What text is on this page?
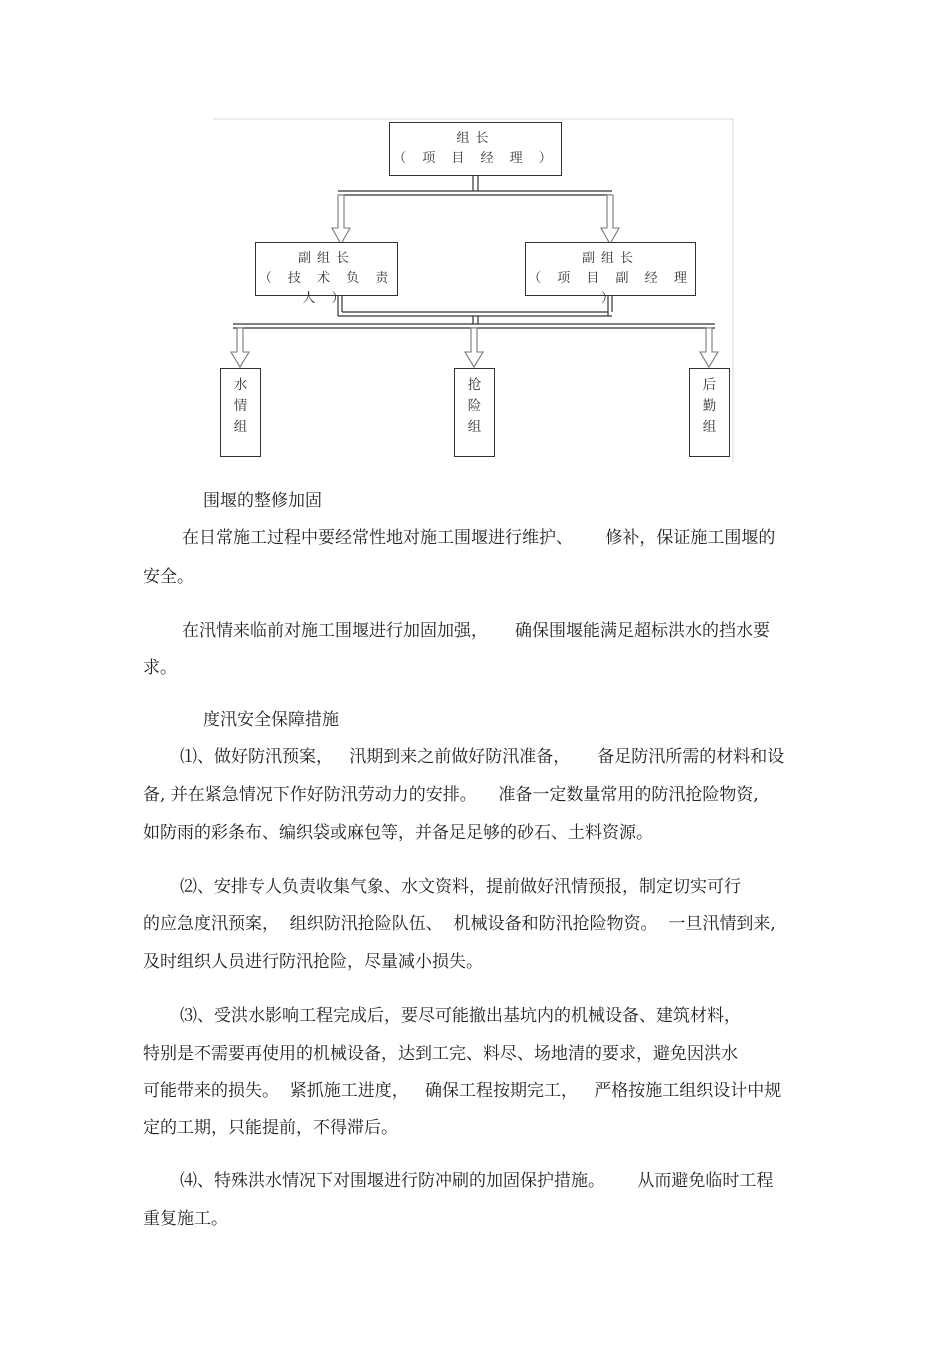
组长
（ 项 目 经 理 ）
副组长
（ 技 术 负 责 人 ）
副组长
（ 项 目 副 经 理 ）
水
情
组
抢
险
组
后
勤
组
围堰的整修加固
在日常施工过程中要经常性地对施工围堰进行维护、      修补，保证施工围堰的
安全。
在汛情来临前对施工围堰进行加固加强，     确保围堰能满足超标洪水的挡水要
求。
度汛安全保障措施
⑴、做好防汛预案，   汛期到来之前做好防汛准备，     备足防汛所需的材料和设
备, 并在紧急情况下作好防汛劳动力的安排。    准备一定数量常用的防汛抢险物资,
如防雨的彩条布、编织袋或麻包等，并备足足够的砂石、土料资源。
⑵、安排专人负责收集气象、水文资料，提前做好汛情预报，制定切实可行
的应急度汛预案，  组织防汛抢险队伍、  机械设备和防汛抢险物资。  一旦汛情到来,
及时组织人员进行防汛抢险，尽量减小损失。
⑶、受洪水影响工程完成后，要尽可能撤出基坑内的机械设备、建筑材料，
特别是不需要再使用的机械设备，达到工完、料尽、场地清的要求，避免因洪水
可能带来的损失。  紧抓施工进度，   确保工程按期完工，   严格按施工组织设计中规
定的工期，只能提前，不得滞后。
⑷、特殊洪水情况下对围堰进行防冲刷的加固保护措施。      从而避免临时工程
重复施工。
